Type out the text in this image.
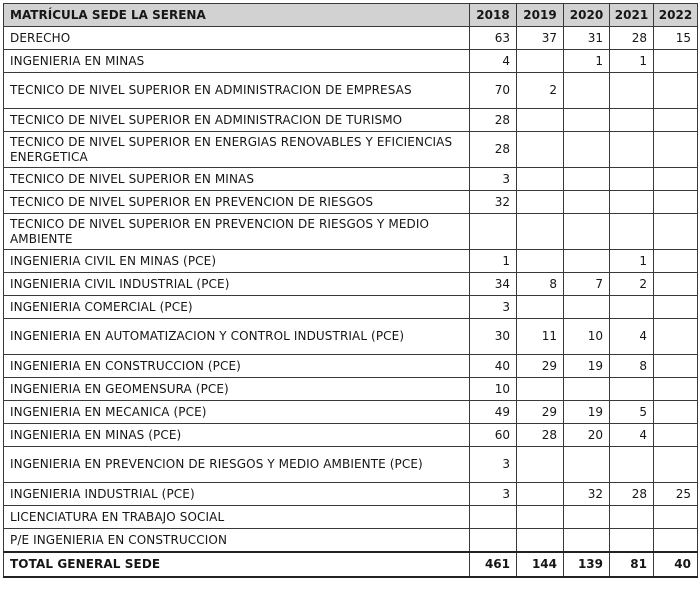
MATRÍCULA SEDE LA SERENA	2018	2019	2020	2021	2022
DERECHO	63	37	31	28	15
INGENIERIA EN MINAS	4		1	1	
TECNICO DE NIVEL SUPERIOR EN ADMINISTRACION DE EMPRESAS	70	2			
TECNICO DE NIVEL SUPERIOR EN ADMINISTRACION DE TURISMO	28				
TECNICO DE NIVEL SUPERIOR EN ENERGIAS RENOVABLES Y EFICIENCIAS ENERGETICA	28				
TECNICO DE NIVEL SUPERIOR EN MINAS	3				
TECNICO DE NIVEL SUPERIOR EN PREVENCION DE RIESGOS	32				
TECNICO DE NIVEL SUPERIOR EN PREVENCION DE RIESGOS Y MEDIO AMBIENTE					
INGENIERIA CIVIL EN MINAS (PCE)	1			1	
INGENIERIA CIVIL INDUSTRIAL (PCE)	34	8	7	2	
INGENIERIA COMERCIAL (PCE)	3				
INGENIERIA EN AUTOMATIZACION Y CONTROL INDUSTRIAL (PCE)	30	11	10	4	
INGENIERIA EN CONSTRUCCION (PCE)	40	29	19	8	
INGENIERIA EN GEOMENSURA (PCE)	10				
INGENIERIA EN MECANICA (PCE)	49	29	19	5	
INGENIERIA EN MINAS (PCE)	60	28	20	4	
INGENIERIA EN PREVENCION DE RIESGOS Y MEDIO AMBIENTE (PCE)	3				
INGENIERIA INDUSTRIAL (PCE)	3		32	28	25
LICENCIATURA EN TRABAJO SOCIAL					
P/E INGENIERIA EN CONSTRUCCION					
TOTAL GENERAL SEDE	461	144	139	81	40
